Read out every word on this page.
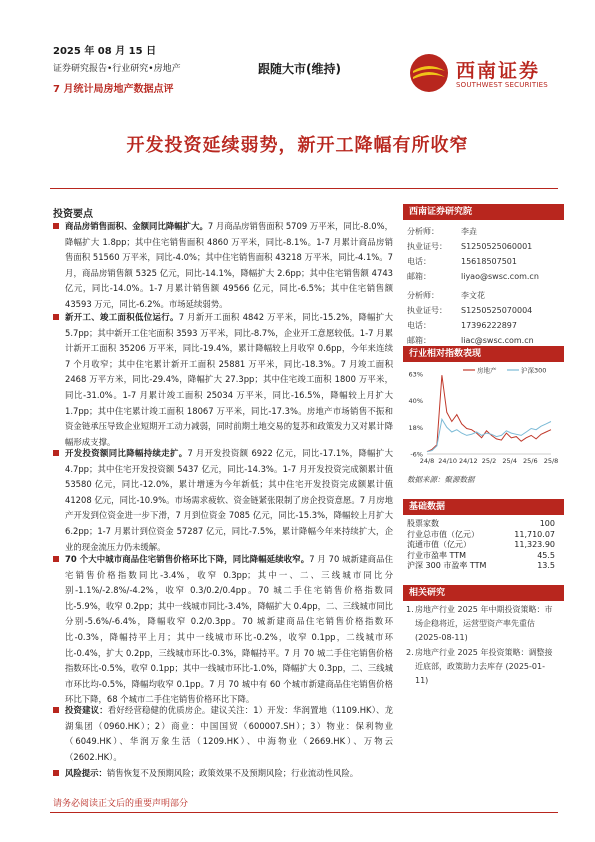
2025 年 08 月 15 日
证券研究报告•行业研究•房地产
7 月统计局房地产数据点评
跟随大市(维持)	西南证券
SOUTHWEST SECURITIES
开发投资延续弱势，新开工降幅有所收窄
投资要点
商品房销售面积、金额同比降幅扩大。7 月商品房销售面积 5709 万平米，同比-8.0%，降幅扩大 1.8pp；其中住宅销售面积 4860 万平米，同比-8.1%。1-7 月累计商品房销售面积 51560 万平米，同比-4.0%；其中住宅销售面积 43218 万平米，同比-4.1%。7 月，商品房销售额 5325 亿元，同比-14.1%，降幅扩大 2.6pp；其中住宅销售额 4743 亿元，同比-14.0%。1-7 月累计销售额 49566 亿元，同比-6.5%；其中住宅销售额 43593 万元，同比-6.2%。市场延续弱势。
新开工、竣工面积低位运行。7 月新开工面积 4842 万平米，同比-15.2%，降幅扩大 5.7pp；其中新开工住宅面积 3593 万平米，同比-8.7%，企业开工意愿较低。1-7 月累计新开工面积 35206 万平米，同比-19.4%，累计降幅较上月收窄 0.6pp，今年来连续 7 个月收窄；其中住宅累计新开工面积 25881 万平米，同比-18.3%。7 月竣工面积 2468 万平方米，同比-29.4%，降幅扩大 27.3pp；其中住宅竣工面积 1800 万平米，同比-31.0%。1-7 月累计竣工面积 25034 万平米，同比-16.5%，降幅较上月扩大 1.7pp；其中住宅累计竣工面积 18067 万平米，同比-17.3%。房地产市场销售不振和资金链承压导致企业短期开工动力减弱，同时前期土地交易的复苏和政策发力又对累计降幅形成支撑。
开发投资额同比降幅持续走扩。7 月开发投资额 6922 亿元，同比-17.1%，降幅扩大 4.7pp；其中住宅开发投资额 5437 亿元，同比-14.3%。1-7 月开发投资完成额累计值 53580 亿元，同比-12.0%，累计增速为今年新低；其中住宅开发投资完成额累计值 41208 亿元，同比-10.9%。市场需求疲软、资金链紧张限制了房企投资意愿。7 月房地产开发到位资金进一步下滑，7 月到位资金 7085 亿元，同比-15.3%，降幅较上月扩大 6.2pp；1-7 月累计到位资金 57287 亿元，同比-7.5%，累计降幅今年来持续扩大，企业的现金流压力仍未缓解。
70 个大中城市商品住宅销售价格环比下降，同比降幅延续收窄。7 月 70 城新建商品住宅销售价格指数同比-3.4%，收窄 0.3pp；其中一、二、三线城市同比分别-1.1%/-2.8%/-4.2%，收窄 0.3/0.2/0.4pp。70 城二手住宅销售价格指数同比-5.9%，收窄 0.2pp；其中一线城市同比-3.4%，降幅扩大 0.4pp，二、三线城市同比分别-5.6%/-6.4%，降幅收窄 0.2/0.3pp。70 城新建商品住宅销售价格指数环比-0.3%，降幅持平上月；其中一线城市环比-0.2%，收窄 0.1pp，二线城市环比-0.4%，扩大 0.2pp，三线城市环比-0.3%，降幅持平。7 月 70 城二手住宅销售价格指数环比-0.5%，收窄 0.1pp；其中一线城市环比-1.0%，降幅扩大 0.3pp，二、三线城市环比均-0.5%，降幅均收窄 0.1pp。7 月 70 城中有 60 个城市新建商品住宅销售价格环比下降，68 个城市二手住宅销售价格环比下降。
投资建议：看好经营稳健的优质房企。建议关注：1）开发：华润置地（1109.HK）、龙湖集团（0960.HK）；2）商业：中国国贸（600007.SH）；3）物业：保利物业（6049.HK）、华润万象生活（1209.HK）、中海物业（2669.HK）、万物云（2602.HK）。
风险提示：销售恢复不及预期风险；政策效果不及预期风险；行业流动性风险。
西南证券研究院
分析师：	李垚
执业证号： S1250525060001
电话：	15618507501
邮箱：	liyao@swsc.com.cn
分析师：	李文花
执业证号： S1250525070004
电话：	17396222897
邮箱：	liac@swsc.com.cn
行业相对指数表现
63%
40%
18%
-6%
24/8 24/10 24/12 25/2 25/4 25/6 25/8
房地产	沪深300
数据来源：聚源数据
基础数据
股票家数	100
行业总市值（亿元）	11,710.07
流通市值（亿元）	11,323.90
行业市盈率 TTM	45.5
沪深 300 市盈率 TTM	13.5
相关研究
1. 房地产行业 2025 年中期投资策略：市场企稳将近，运营型资产率先重估 (2025-08-11)
2. 房地产行业 2025 年投资策略：调整接近底部，政策助力去库存 (2025-01-11)
请务必阅读正文后的重要声明部分
